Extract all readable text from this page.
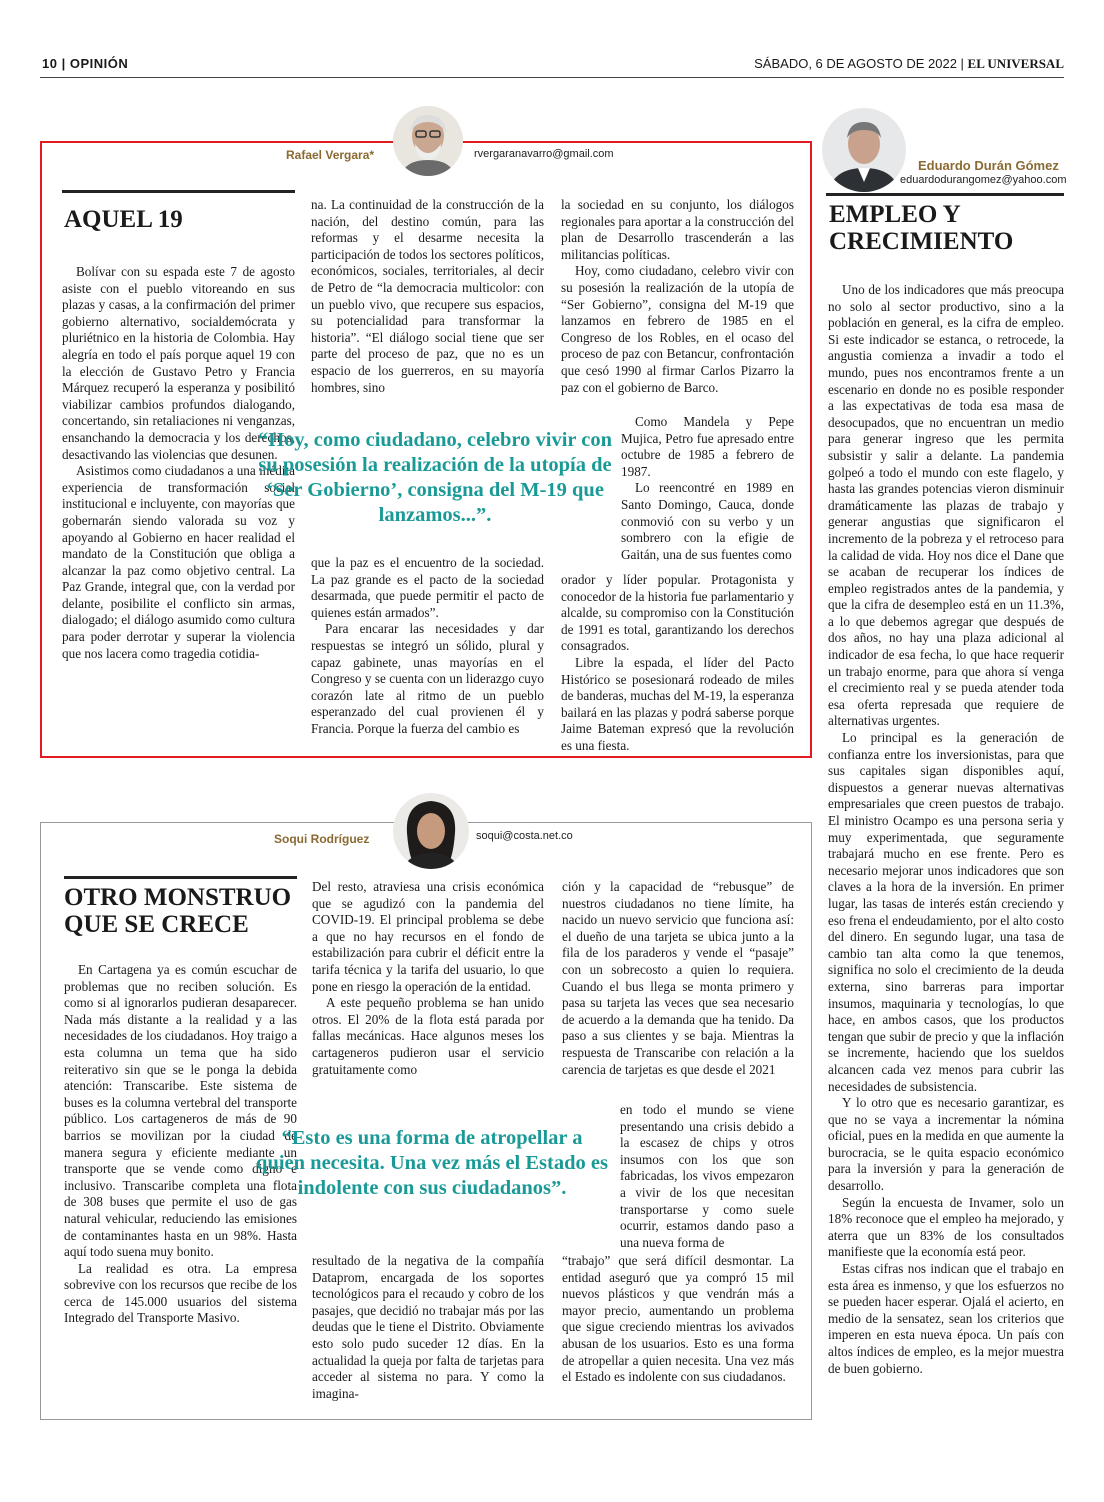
10 | OPINIÓN	SÁBADO, 6 DE AGOSTO DE 2022 | EL UNIVERSAL
Rafael Vergara*	rvergaranavarro@gmail.com
AQUEL 19

Bolívar con su espada este 7 de agosto asiste con el pueblo vitoreando en sus plazas y casas, a la confirmación del primer gobierno alternativo, socialdemócrata y pluriétnico en la historia de Colombia. Hay alegría en todo el país porque aquel 19 con la elección de Gustavo Petro y Francia Márquez recuperó la esperanza y posibilitó viabilizar cambios profundos dialogando, concertando, sin retaliaciones ni venganzas, ensanchando la democracia y los derechos, desactivando las violencias que desunen.

Asistimos como ciudadanos a una inédita experiencia de transformación social institucional e incluyente, con mayorías que gobernarán siendo valorada su voz y apoyando al Gobierno en hacer realidad el mandato de la Constitución que obliga a alcanzar la paz como objetivo central. La Paz Grande, integral que, con la verdad por delante, posibilite el conflicto sin armas, dialogado; el diálogo asumido como cultura para poder derrotar y superar la violencia que nos lacera como tragedia cotidia-

na. La continuidad de la construcción de la nación, del destino común, para las reformas y el desarme necesita la participación de todos los sectores políticos, económicos, sociales, territoriales, al decir de Petro de “la democracia multicolor: con un pueblo vivo, que recupere sus espacios, su potencialidad para transformar la historia”. “El diálogo social tiene que ser parte del proceso de paz, que no es un espacio de los guerreros, en su mayoría hombres, sino

que la paz es el encuentro de la sociedad. La paz grande es el pacto de la sociedad desarmada, que puede permitir el pacto de quienes están armados”.

Para encarar las necesidades y dar respuestas se integró un sólido, plural y capaz gabinete, unas mayorías en el Congreso y se cuenta con un liderazgo cuyo corazón late al ritmo de un pueblo esperanzado del cual provienen él y Francia. Porque la fuerza del cambio es

la sociedad en su conjunto, los diálogos regionales para aportar a la construcción del plan de Desarrollo trascenderán a las militancias políticas.

Hoy, como ciudadano, celebro vivir con su posesión la realización de la utopía de “Ser Gobierno”, consigna del M-19 que lanzamos en febrero de 1985 en el Congreso de los Robles, en el ocaso del proceso de paz con Betancur, confrontación que cesó 1990 al firmar Carlos Pizarro la paz con el gobierno de Barco.

Como Mandela y Pepe Mujica, Petro fue apresado entre octubre de 1985 a febrero de 1987.

Lo reencontré en 1989 en Santo Domingo, Cauca, donde conmovió con su verbo y un sombrero con la efigie de Gaitán, una de sus fuentes como

orador y líder popular. Protagonista y conocedor de la historia fue parlamentario y alcalde, su compromiso con la Constitución de 1991 es total, garantizando los derechos consagrados.

Libre la espada, el líder del Pacto Histórico se posesionará rodeado de miles de banderas, muchas del M-19, la esperanza bailará en las plazas y podrá saberse porque Jaime Bateman expresó que la revolución es una fiesta.

“Hoy, como ciudadano, celebro vivir con su posesión la realización de la utopía de ‘Ser Gobierno’, consigna del M-19 que lanzamos...”.
Soqui Rodríguez	soqui@costa.net.co
OTRO MONSTRUO QUE SE CRECE

En Cartagena ya es común escuchar de problemas que no reciben solución. Es como si al ignorarlos pudieran desaparecer. Nada más distante a la realidad y a las necesidades de los ciudadanos. Hoy traigo a esta columna un tema que ha sido reiterativo sin que se le ponga la debida atención: Transcaribe. Este sistema de buses es la columna vertebral del transporte público. Los cartageneros de más de 90 barrios se movilizan por la ciudad de manera segura y eficiente mediante un transporte que se vende como digno e inclusivo. Transcaribe completa una flota de 308 buses que permite el uso de gas natural vehicular, reduciendo las emisiones de contaminantes hasta en un 98%. Hasta aquí todo suena muy bonito.

La realidad es otra. La empresa sobrevive con los recursos que recibe de los cerca de 145.000 usuarios del sistema Integrado del Transporte Masivo.

Del resto, atraviesa una crisis económica que se agudizó con la pandemia del COVID-19. El principal problema se debe a que no hay recursos en el fondo de estabilización para cubrir el déficit entre la tarifa técnica y la tarifa del usuario, lo que pone en riesgo la operación de la entidad.

A este pequeño problema se han unido otros. El 20% de la flota está parada por fallas mecánicas. Hace algunos meses los cartageneros pudieron usar el servicio gratuitamente como

resultado de la negativa de la compañía Dataprom, encargada de los soportes tecnológicos para el recaudo y cobro de los pasajes, que decidió no trabajar más por las deudas que le tiene el Distrito. Obviamente esto solo pudo suceder 12 días. En la actualidad la queja por falta de tarjetas para acceder al sistema no para. Y como la imagina-

ción y la capacidad de “rebusque” de nuestros ciudadanos no tiene límite, ha nacido un nuevo servicio que funciona así: el dueño de una tarjeta se ubica junto a la fila de los paraderos y vende el “pasaje” con un sobrecosto a quien lo requiera. Cuando el bus llega se monta primero y pasa su tarjeta las veces que sea necesario de acuerdo a la demanda que ha tenido. Da paso a sus clientes y se baja. Mientras la respuesta de Transcaribe con relación a la carencia de tarjetas es que desde el 2021

en todo el mundo se viene presentando una crisis debido a la escasez de chips y otros insumos con los que son fabricadas, los vivos empezaron a vivir de los que necesitan transportarse y como suele ocurrir, estamos dando paso a una nueva forma de

“trabajo” que será difícil desmontar. La entidad aseguró que ya compró 15 mil nuevos plásticos y que vendrán más a mayor precio, aumentando un problema que sigue creciendo mientras los avivados abusan de los usuarios. Esto es una forma de atropellar a quien necesita. Una vez más el Estado es indolente con sus ciudadanos.

“Esto es una forma de atropellar a quien necesita. Una vez más el Estado es indolente con sus ciudadanos”.
Eduardo Durán Gómez
eduardodurangomez@yahoo.com
EMPLEO Y CRECIMIENTO

Uno de los indicadores que más preocupa no solo al sector productivo, sino a la población en general, es la cifra de empleo. Si este indicador se estanca, o retrocede, la angustia comienza a invadir a todo el mundo, pues nos encontramos frente a un escenario en donde no es posible responder a las expectativas de toda esa masa de desocupados, que no encuentran un medio para generar ingreso que les permita subsistir y salir a delante. La pandemia golpeó a todo el mundo con este flagelo, y hasta las grandes potencias vieron disminuir dramáticamente las plazas de trabajo y generar angustias que significaron el incremento de la pobreza y el retroceso para la calidad de vida. Hoy nos dice el Dane que se acaban de recuperar los índices de empleo registrados antes de la pandemia, y que la cifra de desempleo está en un 11.3%, a lo que debemos agregar que después de dos años, no hay una plaza adicional al indicador de esa fecha, lo que hace requerir un trabajo enorme, para que ahora sí venga el crecimiento real y se pueda atender toda esa oferta represada que requiere de alternativas urgentes.

Lo principal es la generación de confianza entre los inversionistas, para que sus capitales sigan disponibles aquí, dispuestos a generar nuevas alternativas empresariales que creen puestos de trabajo. El ministro Ocampo es una persona seria y muy experimentada, que seguramente trabajará mucho en ese frente. Pero es necesario mejorar unos indicadores que son claves a la hora de la inversión. En primer lugar, las tasas de interés están creciendo y eso frena el endeudamiento, por el alto costo del dinero. En segundo lugar, una tasa de cambio tan alta como la que tenemos, significa no solo el crecimiento de la deuda externa, sino barreras para importar insumos, maquinaria y tecnologías, lo que hace, en ambos casos, que los productos tengan que subir de precio y que la inflación se incremente, haciendo que los sueldos alcancen cada vez menos para cubrir las necesidades de subsistencia.

Y lo otro que es necesario garantizar, es que no se vaya a incrementar la nómina oficial, pues en la medida en que aumente la burocracia, se le quita espacio económico para la inversión y para la generación de desarrollo.

Según la encuesta de Invamer, solo un 18% reconoce que el empleo ha mejorado, y aterra que un 83% de los consultados manifieste que la economía está peor.

Estas cifras nos indican que el trabajo en esta área es inmenso, y que los esfuerzos no se pueden hacer esperar. Ojalá el acierto, en medio de la sensatez, sean los criterios que imperen en esta nueva época. Un país con altos índices de empleo, es la mejor muestra de buen gobierno.
